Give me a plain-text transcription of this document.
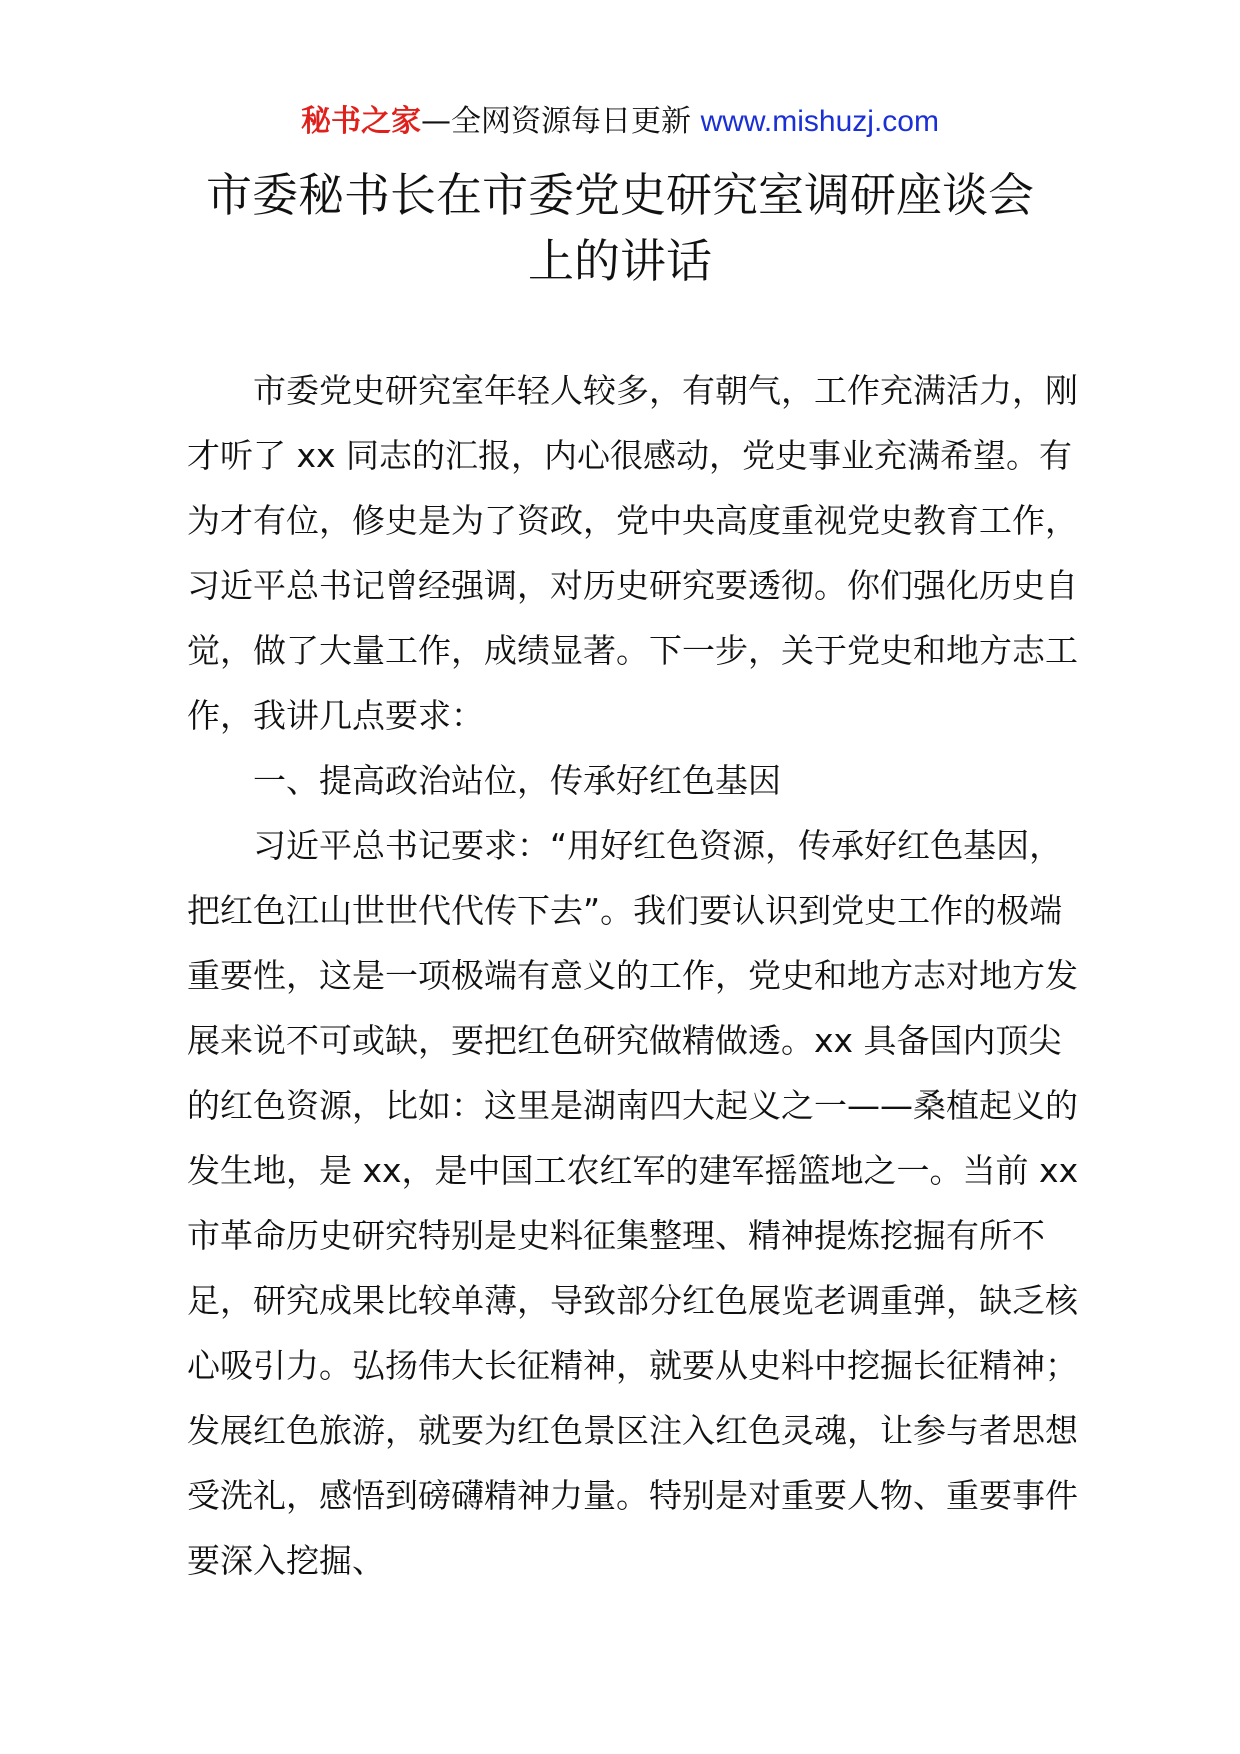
秘书之家—全网资源每日更新 www.mishuzj.com
市委秘书长在市委党史研究室调研座谈会
上的讲话

市委党史研究室年轻人较多，有朝气，工作充满活力，刚才听了 xx 同志的汇报，内心很感动，党史事业充满希望。有为才有位，修史是为了资政，党中央高度重视党史教育工作，习近平总书记曾经强调，对历史研究要透彻。你们强化历史自觉，做了大量工作，成绩显著。下一步，关于党史和地方志工作，我讲几点要求：

一、提高政治站位，传承好红色基因

习近平总书记要求：“用好红色资源，传承好红色基因，把红色江山世世代代传下去”。我们要认识到党史工作的极端重要性，这是一项极端有意义的工作，党史和地方志对地方发展来说不可或缺，要把红色研究做精做透。xx 具备国内顶尖的红色资源，比如：这里是湖南四大起义之一——桑植起义的发生地，是 xx，是中国工农红军的建军摇篮地之一。当前 xx 市革命历史研究特别是史料征集整理、精神提炼挖掘有所不足，研究成果比较单薄，导致部分红色展览老调重弹，缺乏核心吸引力。弘扬伟大长征精神，就要从史料中挖掘长征精神；发展红色旅游，就要为红色景区注入红色灵魂，让参与者思想受洗礼，感悟到磅礴精神力量。特别是对重要人物、重要事件要深入挖掘、
